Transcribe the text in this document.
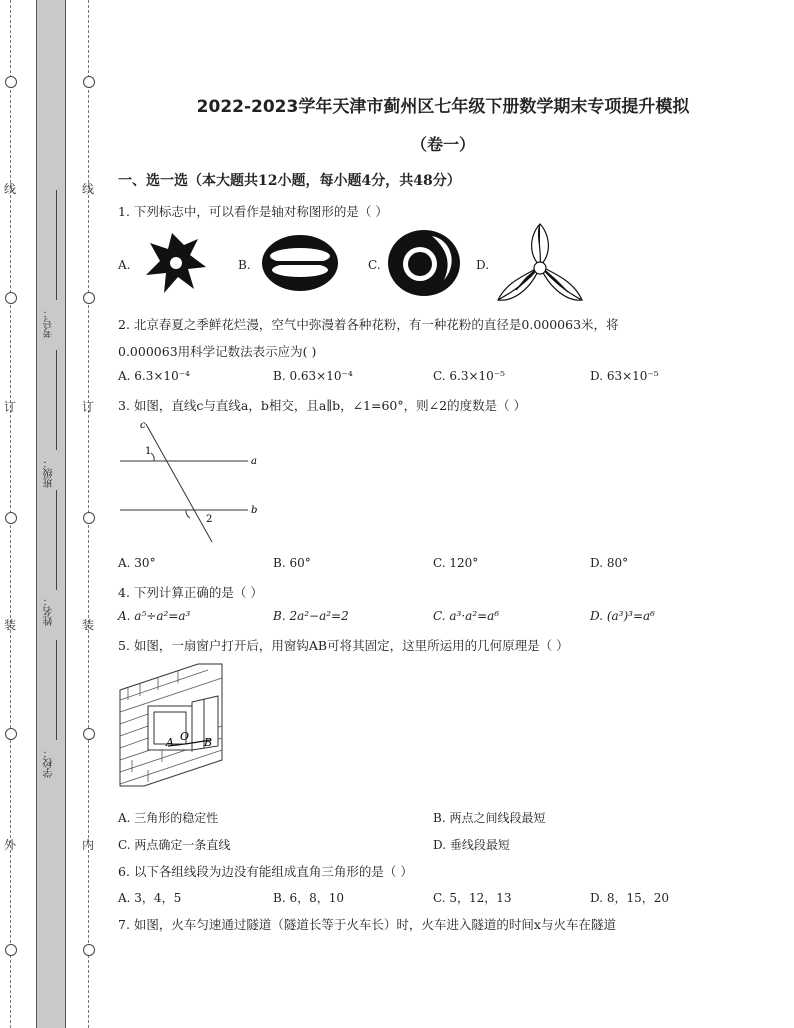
线
订
装
外
线
订
装
内
考号：
班级：
姓名：
学校：
2022-2023学年天津市蓟州区七年级下册数学期末专项提升模拟
（卷一）
一、选一选（本大题共12小题，每小题4分，共48分）
1. 下列标志中，可以看作是轴对称图形的是（ ）
A.	B.	C.	D.
2. 北京春夏之季鲜花烂漫，空气中弥漫着各种花粉，有一种花粉的直径是0.000063米，将
0.000063用科学记数法表示应为( )
A. 6.3×10⁻⁴	B. 0.63×10⁻⁴	C. 6.3×10⁻⁵	D. 63×10⁻⁵
3. 如图，直线c与直线a，b相交，且a∥b，∠1=60°，则∠2的度数是（ ）
c
a
b
1
2
A. 30°	B. 60°	C. 120°	D. 80°
4. 下列计算正确的是（ ）
A. a⁵÷a²=a³	B. 2a²−a²=2	C. a³·a²=a⁶	D. (a³)³=a⁶
5. 如图，一扇窗户打开后，用窗钩AB可将其固定，这里所运用的几何原理是（ ）
A O B
A. 三角形的稳定性	B. 两点之间线段最短
C. 两点确定一条直线	D. 垂线段最短
6. 以下各组线段为边没有能组成直角三角形的是（ ）
A. 3，4，5	B. 6，8，10	C. 5，12，13	D. 8，15，20
7. 如图，火车匀速通过隧道（隧道长等于火车长）时，火车进入隧道的时间x与火车在隧道
